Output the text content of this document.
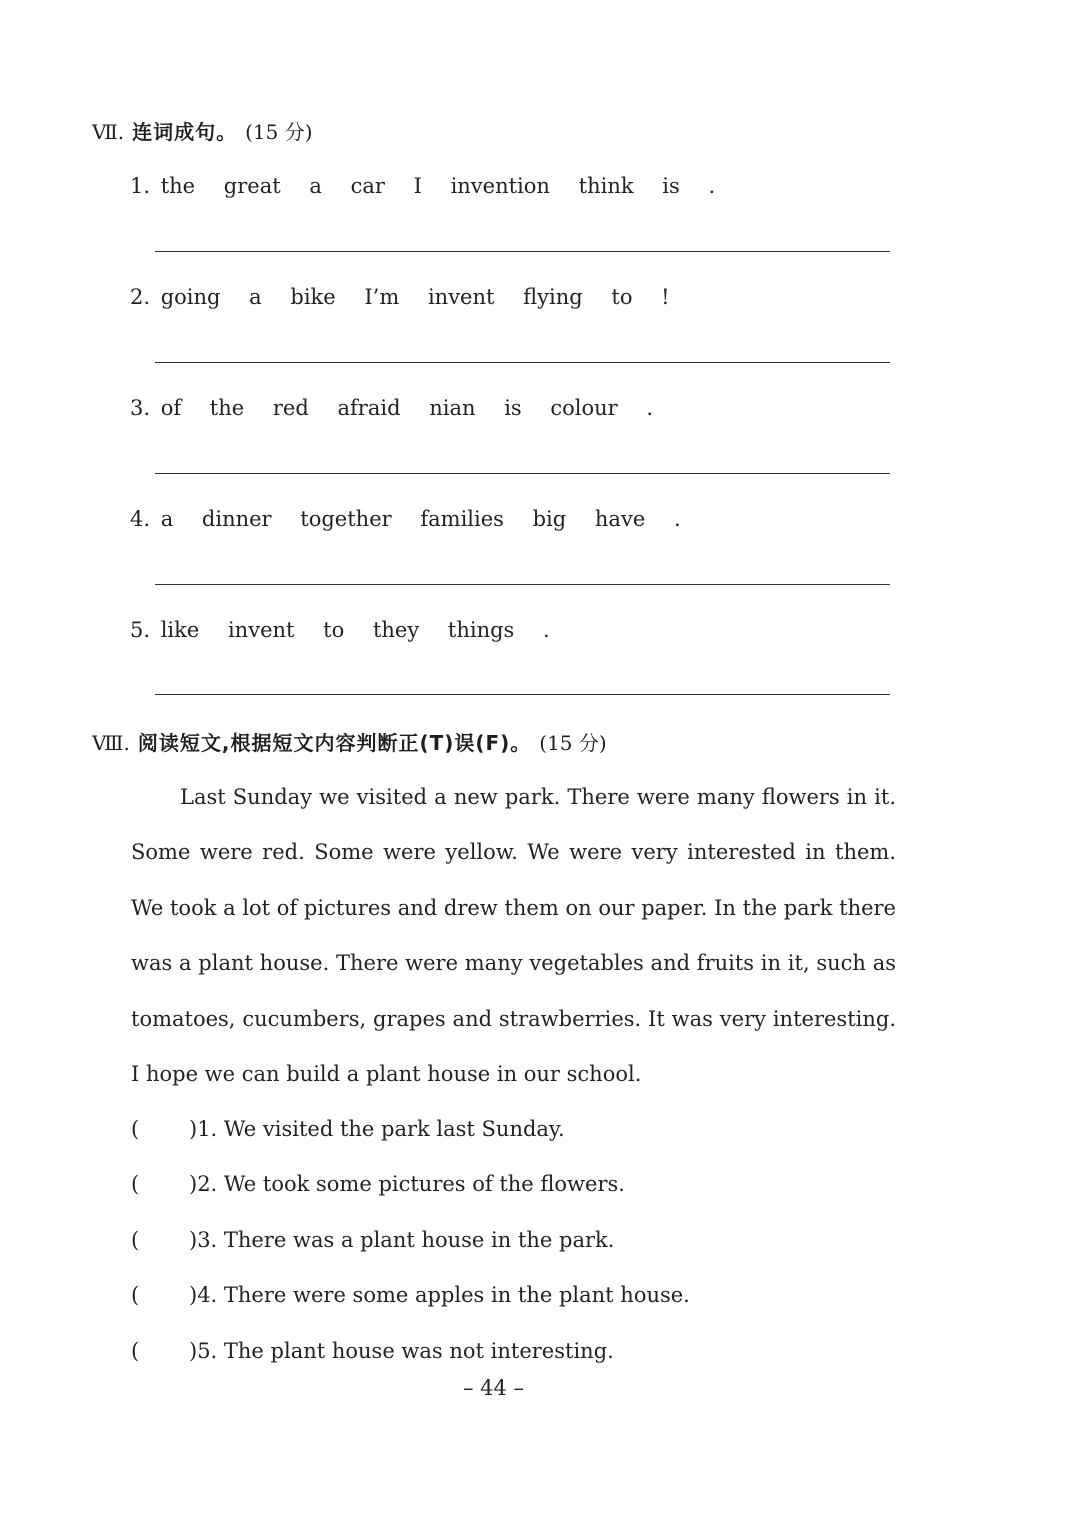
Ⅶ. 连词成句。 (15 分)
1. the great a car I invention think is .
2. going a bike I’m invent flying to !
3. of the red afraid nian is colour .
4. a dinner together families big have .
5. like invent to they things .
Ⅷ. 阅读短文,根据短文内容判断正(T)误(F)。 (15 分)

Last Sunday we visited a new park. There were many flowers in it. Some were red. Some were yellow. We were very interested in them. We took a lot of pictures and drew them on our paper. In the park there was a plant house. There were many vegetables and fruits in it, such as tomatoes, cucumbers, grapes and strawberries. It was very interesting. I hope we can build a plant house in our school.

( )1. We visited the park last Sunday.
( )2. We took some pictures of the flowers.
( )3. There was a plant house in the park.
( )4. There were some apples in the plant house.
( )5. The plant house was not interesting.
– 44 –
